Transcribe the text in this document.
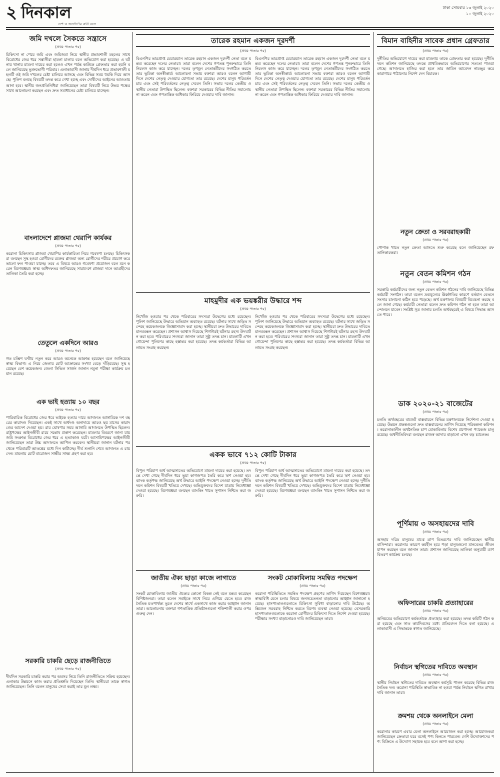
২ দিনকাল
দেশ ও জনগণের কথা বলে
ঢাকা সোমবার ১৩ জুলাই ২০২০
১০ জুলাই ২০২০
জমি দখলে সৈকতে সন্ত্রাসে
(প্রথম পাতার পর)
চিকিৎসা না পেয়ে জমি এবং জমিজমা নিয়ে স্থানীয় প্রভাবশালী মহলের সাথে বিরোধের জের ধরে সন্ত্রাসীরা হামলা চালায় বলে অভিযোগ করা হয়েছে। এ ঘটনায় থানায় মামলা দায়ের করা হলেও এখন পর্যন্ত কাউকে গ্রেফতার করা হয়নি বলে জানিয়েছে ভুক্তভোগী পরিবার। এলাকাবাসী জানায় দীর্ঘদিন ধরে প্রভাবশালী মহলটি ওই জমি দখলের চেষ্টা চালিয়ে আসছে এবং বিভিন্ন সময় হুমকি দিয়ে আসছে। পুলিশ বলছে বিষয়টি তদন্ত করে দেখা হচ্ছে এবং দোষীদের আইনের আওতায় আনা হবে। স্থানীয় জনপ্রতিনিধিরা জানিয়েছেন তারা বিষয়টি নিয়ে উভয় পক্ষের সাথে আলোচনা করছেন এবং দ্রুত সমাধানের চেষ্টা চালিয়ে যাচ্ছেন।
বাংলাদেশে প্লাজমা থেরাপি কার্যকর
(প্রথম পাতার পর)
করোনা চিকিৎসায় প্লাজমা থেরাপির কার্যকারিতা নিয়ে গবেষণা চলছে। চিকিৎসকরা বলছেন সুস্থ হওয়া রোগীদের রক্তের প্লাজমা অন্য রোগীদের শরীরে প্রয়োগ করে ভালো ফল পাওয়া যাচ্ছে। তবে এ বিষয়ে আরও গবেষণা প্রয়োজন বলে মনে করেন বিশেষজ্ঞরা। স্বাস্থ্য অধিদফতর জানিয়েছে সারাদেশে প্লাজমা দানে আগ্রহীদের তালিকা তৈরি করা হচ্ছে।
তেতুলে একদিনে আরও
(প্রথম পাতার পর)
গত চব্বিশ ঘণ্টায় নতুন করে আরও অনেকে আক্রান্ত হয়েছেন বলে জানিয়েছে স্বাস্থ্য বিভাগ। এ নিয়ে জেলায় মোট আক্রান্তের সংখ্যা বেড়ে দাঁড়িয়েছে। সুস্থ হয়েছেন বেশ কয়েকজন। জেলা সিভিল সার্জন জানান নমুনা পরীক্ষা কার্যক্রম চলমান রয়েছে।
এক ভাই হত্যায় ১০ বছর
(প্রথম পাতার পর)
পারিবারিক বিরোধের জের ধরে ভাইকে হত্যার দায়ে আদালত আসামিকে দশ বছরের কারাদণ্ড দিয়েছেন। একই সাথে অর্থদণ্ড অনাদায়ে আরও ছয় মাসের কারাদণ্ডের আদেশ দেওয়া হয়। রায় ঘোষণার সময় আসামি আদালতে উপস্থিত ছিলেন। রাষ্ট্রপক্ষের আইনজীবী রায়ে সন্তোষ প্রকাশ করেছেন। মামলার বিবরণে জানা যায় জমি সংক্রান্ত বিরোধের জের ধরে এ হত্যাকাণ্ড ঘটে। আসামিপক্ষের আইনজীবী জানিয়েছেন তারা উচ্চ আদালতে আপিল করবেন। স্থানীয়রা জানান ঘটনার পর থেকে পরিবারটি আতঙ্কের মধ্যে দিন কাটাচ্ছে। দীর্ঘ শুনানি শেষে আদালত এ রায় দেন। মামলায় মোট বারোজন সাক্ষীর সাক্ষ্য গ্রহণ করা হয়।
সরকারি চাকরি ছেড়ে রাজনীতিতে
(প্রথম পাতার পর)
দীর্ঘদিন সরকারি চাকরি করার পর অবসর নিয়ে তিনি রাজনীতিতে সক্রিয় হয়েছেন। এলাকার উন্নয়নে কাজ করার প্রতিশ্রুতি দিয়েছেন তিনি। স্থানীয়রা তাকে স্বাগত জানিয়েছেন। তিনি বলেন মানুষের সেবা করাই তার মূল লক্ষ্য।
তারেক রহমান একজন দূরদর্শী
(প্রথম পাতার পর)
বিএনপির ভারপ্রাপ্ত চেয়ারম্যান তারেক রহমান একজন দূরদর্শী নেতা বলে মন্তব্য করেছেন দলের নেতারা। তারা বলেন দেশের গণতন্ত্র পুনরুদ্ধারে তিনি নিরলস কাজ করে যাচ্ছেন। দলের তৃণমূল নেতাকর্মীদের সংগঠিত করতে তার ভূমিকা অনস্বীকার্য। আলোচনা সভায় বক্তারা আরও বলেন আগামী দিনে দেশের নেতৃত্ব দেওয়ার যোগ্যতা তার রয়েছে। দেশের মানুষ পরিবর্তন চায় এবং সেই পরিবর্তনের নেতৃত্ব দেবেন তিনি। সভায় দলের কেন্দ্রীয় ও স্থানীয় নেতারা উপস্থিত ছিলেন। বক্তারা সরকারের বিভিন্ন নীতির সমালোচনা করেন এবং গণতান্ত্রিক অধিকার ফিরিয়ে দেওয়ার দাবি জানান।
বিএনপির ভারপ্রাপ্ত চেয়ারম্যান তারেক রহমান একজন দূরদর্শী নেতা বলে মন্তব্য করেছেন দলের নেতারা। তারা বলেন দেশের গণতন্ত্র পুনরুদ্ধারে তিনি নিরলস কাজ করে যাচ্ছেন। দলের তৃণমূল নেতাকর্মীদের সংগঠিত করতে তার ভূমিকা অনস্বীকার্য। আলোচনা সভায় বক্তারা আরও বলেন আগামী দিনে দেশের নেতৃত্ব দেওয়ার যোগ্যতা তার রয়েছে। দেশের মানুষ পরিবর্তন চায় এবং সেই পরিবর্তনের নেতৃত্ব দেবেন তিনি। সভায় দলের কেন্দ্রীয় ও স্থানীয় নেতারা উপস্থিত ছিলেন। বক্তারা সরকারের বিভিন্ন নীতির সমালোচনা করেন এবং গণতান্ত্রিক অধিকার ফিরিয়ে দেওয়ার দাবি জানান।
মাহমুদীর এক ভয়ঙ্করীর উদ্ধারে শব্দ
(প্রথম পাতার পর)
নিখোঁজ হওয়ার পর থেকে পরিবারের সদস্যরা উদ্বেগের মধ্যে রয়েছেন। পুলিশ জানিয়েছে উদ্ধারে অভিযান অব্যাহত রয়েছে। ঘটনার সাথে জড়িত সন্দেহে কয়েকজনকে জিজ্ঞাসাবাদ করা হচ্ছে। স্থানীয়রা দ্রুত উদ্ধারের দাবিতে মানববন্ধন করেছেন। প্রশাসন আশ্বাস দিয়েছে শিগগিরই ঘটনার রহস্য উদঘাটন করা হবে। পরিবারের সদস্যরা জানান তারা সুষ্ঠু তদন্ত চান। মামলাটি এখন গোয়েন্দা পুলিশের কাছে হস্তান্তর করা হয়েছে। তদন্ত কর্মকর্তারা বিভিন্ন আলামত সংগ্রহ করছেন।
নিখোঁজ হওয়ার পর থেকে পরিবারের সদস্যরা উদ্বেগের মধ্যে রয়েছেন। পুলিশ জানিয়েছে উদ্ধারে অভিযান অব্যাহত রয়েছে। ঘটনার সাথে জড়িত সন্দেহে কয়েকজনকে জিজ্ঞাসাবাদ করা হচ্ছে। স্থানীয়রা দ্রুত উদ্ধারের দাবিতে মানববন্ধন করেছেন। প্রশাসন আশ্বাস দিয়েছে শিগগিরই ঘটনার রহস্য উদঘাটন করা হবে। পরিবারের সদস্যরা জানান তারা সুষ্ঠু তদন্ত চান। মামলাটি এখন গোয়েন্দা পুলিশের কাছে হস্তান্তর করা হয়েছে। তদন্ত কর্মকর্তারা বিভিন্ন আলামত সংগ্রহ করছেন।
একক ভাবে ৭১২ কোটি টাকার
(প্রথম পাতার পর)
বিপুল পরিমাণ অর্থ আত্মসাতের অভিযোগে মামলা দায়ের করা হয়েছে। তদন্তে দেখা গেছে দীর্ঘদিন ধরে ভুয়া কাগজপত্র তৈরি করে ঋণ নেওয়া হয়। ব্যাংক কর্তৃপক্ষ জানিয়েছে অর্থ উদ্ধারে আইনি পদক্ষেপ নেওয়া হচ্ছে। দুর্নীতি দমন কমিশন বিষয়টি খতিয়ে দেখছে। অভিযুক্তদের বিদেশ যাত্রায় নিষেধাজ্ঞা দেওয়া হয়েছে। বিশেষজ্ঞরা বলছেন ব্যাংকিং খাতে সুশাসন নিশ্চিত করা জরুরি।
বিপুল পরিমাণ অর্থ আত্মসাতের অভিযোগে মামলা দায়ের করা হয়েছে। তদন্তে দেখা গেছে দীর্ঘদিন ধরে ভুয়া কাগজপত্র তৈরি করে ঋণ নেওয়া হয়। ব্যাংক কর্তৃপক্ষ জানিয়েছে অর্থ উদ্ধারে আইনি পদক্ষেপ নেওয়া হচ্ছে। দুর্নীতি দমন কমিশন বিষয়টি খতিয়ে দেখছে। অভিযুক্তদের বিদেশ যাত্রায় নিষেধাজ্ঞা দেওয়া হয়েছে। বিশেষজ্ঞরা বলছেন ব্যাংকিং খাতে সুশাসন নিশ্চিত করা জরুরি।
জাতীয় ঐক্য ছাড়া কাজে লাগাতে
(প্রথম পাতার পর)
সংকট মোকাবিলায় জাতীয় ঐক্যের কোনো বিকল্প নেই বলে মন্তব্য করেছেন বিশিষ্টজনরা। তারা বলেন সবাইকে সাথে নিয়ে এগিয়ে যেতে হবে। রাজনৈতিক মতপার্থক্য ভুলে দেশের স্বার্থে একসাথে কাজ করার আহ্বান জানান তারা। আলোচনায় বক্তারা গণতান্ত্রিক প্রতিষ্ঠানগুলো শক্তিশালী করার ওপর গুরুত্ব দেন।
সংকট মোকাবিলায় সমন্বিত পদক্ষেপ
(প্রথম পাতার পর)
করোনা পরিস্থিতিতে সমন্বিত পদক্ষেপ গ্রহণের তাগিদ দিয়েছেন বিশেষজ্ঞরা। স্বাস্থ্যবিধি মেনে চলার বিষয়ে জনসচেতনতা বাড়ানোর আহ্বান জানানো হয়েছে। হাসপাতালগুলোতে চিকিৎসা সুবিধা বাড়ানোর দাবি উঠেছে। অক্সিজেন সরবরাহ নিশ্চিত করতে বিশেষ ব্যবস্থা নেওয়া হয়েছে। বেসরকারি হাসপাতালগুলোকে করোনা রোগীদের চিকিৎসা দিতে নির্দেশ দেওয়া হয়েছে। পরীক্ষার সংখ্যা বাড়ানোরও দাবি জানিয়েছেন তারা।
বিমান বাহিনীর সাবেক প্রধান গ্রেফতার
(প্রথম পাতার পর)
দুর্নীতির অভিযোগে দায়ের করা মামলায় তাকে গ্রেফতার করা হয়েছে। দুর্নীতি দমন কমিশন জানিয়েছে তদন্তে প্রাথমিকভাবে অভিযোগের সত্যতা পাওয়া গেছে। আদালতে হাজির করা হলে তার জামিন আবেদন নামঞ্জুর করে কারাগারে পাঠানোর নির্দেশ দেন বিচারক।
নতুন ক্রেতা ও সরবরাহকারী
(প্রথম পাতার পর)
পোশাক খাতে নতুন ক্রেতা আসতে শুরু করেছে বলে জানিয়েছেন রফতানিকারকরা।
নতুন বেতন কমিশন গঠন
(প্রথম পাতার পর)
সরকারি কর্মচারীদের জন্য নতুন বেতন কমিশন গঠনের দাবি জানিয়েছে বিভিন্ন কর্মচারী সংগঠন। তারা বলেন দ্রব্যমূল্যের ঊর্ধ্বগতির কারণে বর্তমান বেতনে সংসার চালানো কঠিন হয়ে পড়েছে। অর্থ মন্ত্রণালয় বিষয়টি বিবেচনা করছে বলে জানা গেছে। কর্মচারী নেতারা বলেন দ্রুত কমিশন গঠন না হলে তারা আন্দোলনে যাবেন। সংশ্লিষ্ট সূত্র জানায় চলতি অর্থবছরেই এ বিষয়ে সিদ্ধান্ত আসতে পারে।
ডাক ২০২০-২১ বাজেটের
(প্রথম পাতার পর)
চলতি অর্থবছরের বাজেট বাস্তবায়নে বিভিন্ন মন্ত্রণালয়কে নির্দেশনা দেওয়া হয়েছে। উন্নয়ন প্রকল্পগুলো দ্রুত বাস্তবায়নের তাগিদ দিয়েছে পরিকল্পনা কমিশন। করোনাকালীন অর্থনৈতিক চাপ মোকাবিলায় বিশেষ প্রণোদনা প্যাকেজ চালু রয়েছে। অর্থনীতিবিদরা বলছেন রাজস্ব আদায় বাড়ানো এখন বড় চ্যালেঞ্জ।
পূর্ণিমায় ৩ অসহায়দের দাবি
(প্রথম পাতার পর)
অসহায় দরিদ্র মানুষের মাঝে ত্রাণ বিতরণের দাবি জানিয়েছেন স্থানীয় বাসিন্দারা। করোনার কারণে কর্মহীন হয়ে পড়া মানুষগুলো মানবেতর জীবনযাপন করছেন বলে জানান তারা। প্রশাসন জানিয়েছে তালিকা অনুযায়ী ত্রাণ বিতরণ কার্যক্রম চলছে।
অফিসারের চাকরি প্রত্যাহারের
(প্রথম পাতার পর)
অনিয়মের অভিযোগে কর্মকর্তাকে প্রত্যাহার করা হয়েছে। তদন্ত কমিটি গঠন করা হয়েছে এবং সাত কার্যদিবসের মধ্যে প্রতিবেদন দিতে বলা হয়েছে। এলাকাবাসী এ সিদ্ধান্তকে স্বাগত জানিয়েছে।
নির্বাচন স্থগিতের দাবিতে অবস্থান
(প্রথম পাতার পর)
স্থানীয় নির্বাচন স্থগিতের দাবিতে অবস্থান কর্মসূচি পালন করেছে বিভিন্ন রাজনৈতিক দল। করোনা পরিস্থিতি স্বাভাবিক না হওয়া পর্যন্ত নির্বাচন স্থগিত রাখার দাবি জানান তারা।
ক্রমশয় থেকে অনলাইনে মেলা
(প্রথম পাতার পর)
করোনার কারণে এবার মেলা অনলাইনে আয়োজন করা হচ্ছে। আয়োজকরা জানিয়েছেন ক্রেতারা ঘরে বসেই পণ্য কিনতে পারবেন। দেশি উদ্যোক্তাদের পণ্য বিক্রিতে এ উদ্যোগ সহায়ক হবে বলে আশা করা হচ্ছে।
